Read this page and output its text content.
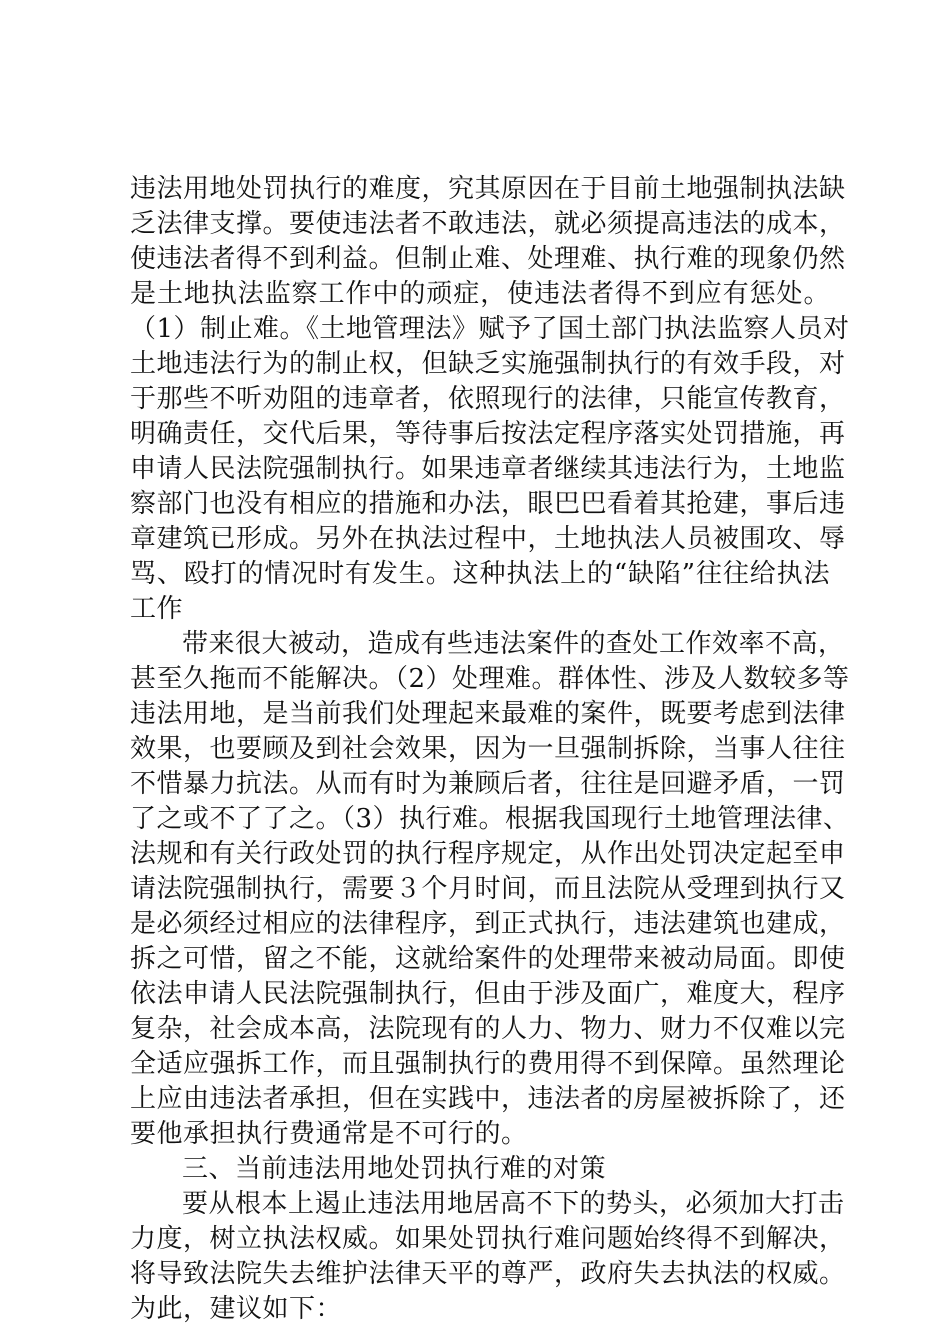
违法用地处罚执行的难度，究其原因在于目前土地强制执法缺
乏法律支撑。要使违法者不敢违法，就必须提高违法的成本，
使违法者得不到利益。但制止难、处理难、执行难的现象仍然
是土地执法监察工作中的顽症，使违法者得不到应有惩处。
（1）制止难。《土地管理法》赋予了国土部门执法监察人员对
土地违法行为的制止权，但缺乏实施强制执行的有效手段，对
于那些不听劝阻的违章者，依照现行的法律，只能宣传教育，
明确责任，交代后果，等待事后按法定程序落实处罚措施，再
申请人民法院强制执行。如果违章者继续其违法行为，土地监
察部门也没有相应的措施和办法，眼巴巴看着其抢建，事后违
章建筑已形成。另外在执法过程中，土地执法人员被围攻、辱
骂、殴打的情况时有发生。这种执法上的“缺陷”往往给执法
工作

带来很大被动，造成有些违法案件的查处工作效率不高，
甚至久拖而不能解决。（2）处理难。群体性、涉及人数较多等
违法用地，是当前我们处理起来最难的案件，既要考虑到法律
效果，也要顾及到社会效果，因为一旦强制拆除，当事人往往
不惜暴力抗法。从而有时为兼顾后者，往往是回避矛盾，一罚
了之或不了了之。（3）执行难。根据我国现行土地管理法律、
法规和有关行政处罚的执行程序规定，从作出处罚决定起至申
请法院强制执行，需要３个月时间，而且法院从受理到执行又
是必须经过相应的法律程序，到正式执行，违法建筑也建成，
拆之可惜，留之不能，这就给案件的处理带来被动局面。即使
依法申请人民法院强制执行，但由于涉及面广，难度大，程序
复杂，社会成本高，法院现有的人力、物力、财力不仅难以完
全适应强拆工作，而且强制执行的费用得不到保障。虽然理论
上应由违法者承担，但在实践中，违法者的房屋被拆除了，还
要他承担执行费通常是不可行的。

三、当前违法用地处罚执行难的对策

要从根本上遏止违法用地居高不下的势头，必须加大打击
力度，树立执法权威。如果处罚执行难问题始终得不到解决，
将导致法院失去维护法律天平的尊严，政府失去执法的权威。
为此，建议如下：
